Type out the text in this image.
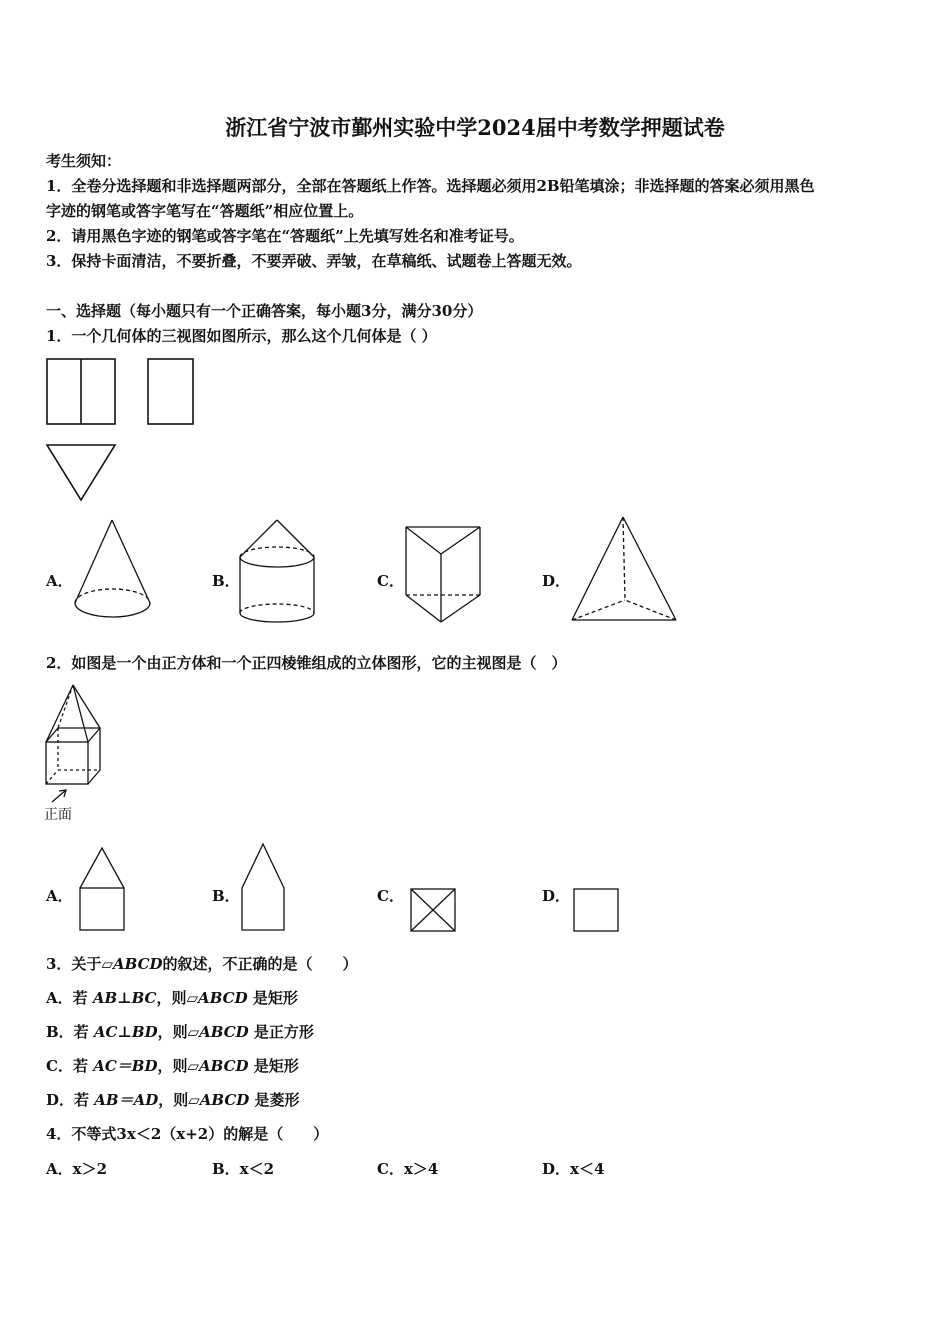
浙江省宁波市鄞州实验中学2024届中考数学押题试卷
考生须知：
1．全卷分选择题和非选择题两部分，全部在答题纸上作答。选择题必须用2B铅笔填涂；非选择题的答案必须用黑色
字迹的钢笔或答字笔写在“答题纸”相应位置上。
2．请用黑色字迹的钢笔或答字笔在“答题纸”上先填写姓名和准考证号。
3．保持卡面清洁，不要折叠，不要弄破、弄皱，在草稿纸、试题卷上答题无效。
一、选择题（每小题只有一个正确答案，每小题3分，满分30分）
1．一个几何体的三视图如图所示，那么这个几何体是（ ）
A．	B．	C．	D．
2．如图是一个由正方体和一个正四棱锥组成的立体图形，它的主视图是（　）
正面
A．	B．	C．	D．
3．关于▱ABCD的叙述，不正确的是（　　）
A．若 AB⊥BC，则▱ABCD 是矩形
B．若 AC⊥BD，则▱ABCD 是正方形
C．若 AC＝BD，则▱ABCD 是矩形
D．若 AB＝AD，则▱ABCD 是菱形
4．不等式3x＜2（x+2）的解是（　　）
A．x＞2	B．x＜2	C．x＞4	D．x＜4
